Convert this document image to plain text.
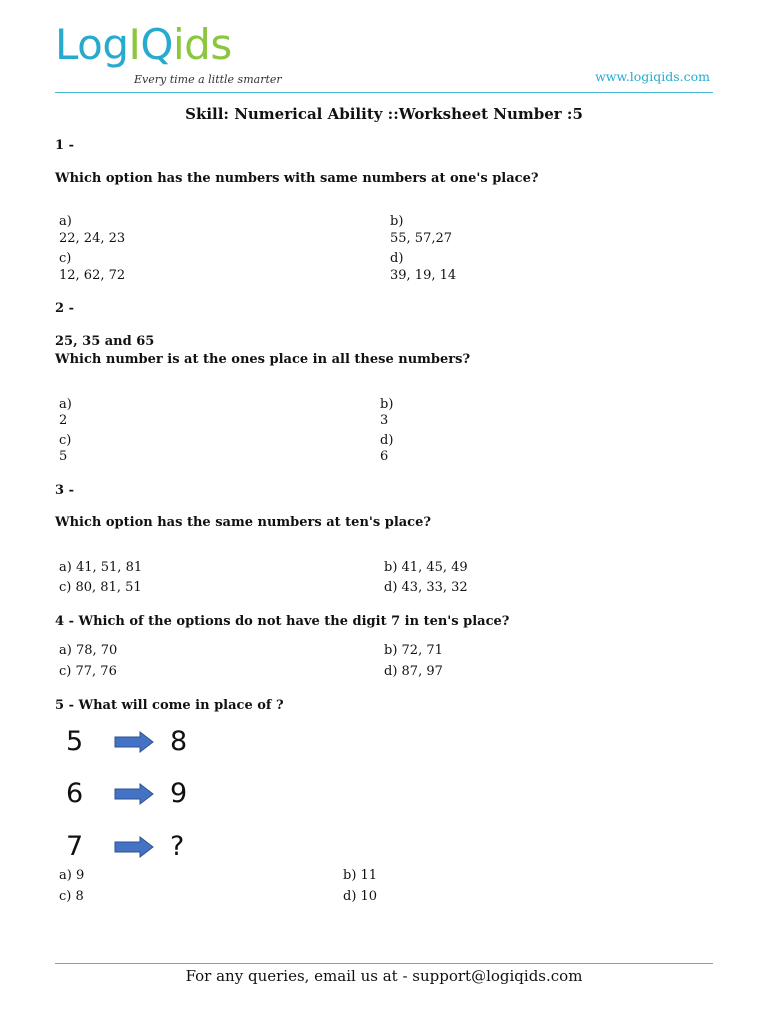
LogIQids
Every time a little smarter	www.logiqids.com
Skill: Numerical Ability ::Worksheet Number :5
1 -
Which option has the numbers with same numbers at one's place?
a)
22, 24, 23
b)
55, 57,27
c)
12, 62, 72
d)
39, 19, 14
2 -
25, 35 and 65
Which number is at the ones place in all these numbers?
a)
2
b)
3
c)
5
d)
6
3 -
Which option has the same numbers at ten's place?
a) 41, 51, 81	b) 41, 45, 49
c) 80, 81, 51	d) 43, 33, 32
4 - Which of the options do not have the digit 7 in ten's place?
a) 78, 70	b) 72, 71
c) 77, 76	d) 87, 97
5 - What will come in place of ?
5	8
6	9
7	?
a) 9	b) 11
c) 8	d) 10
For any queries, email us at - support@logiqids.com
